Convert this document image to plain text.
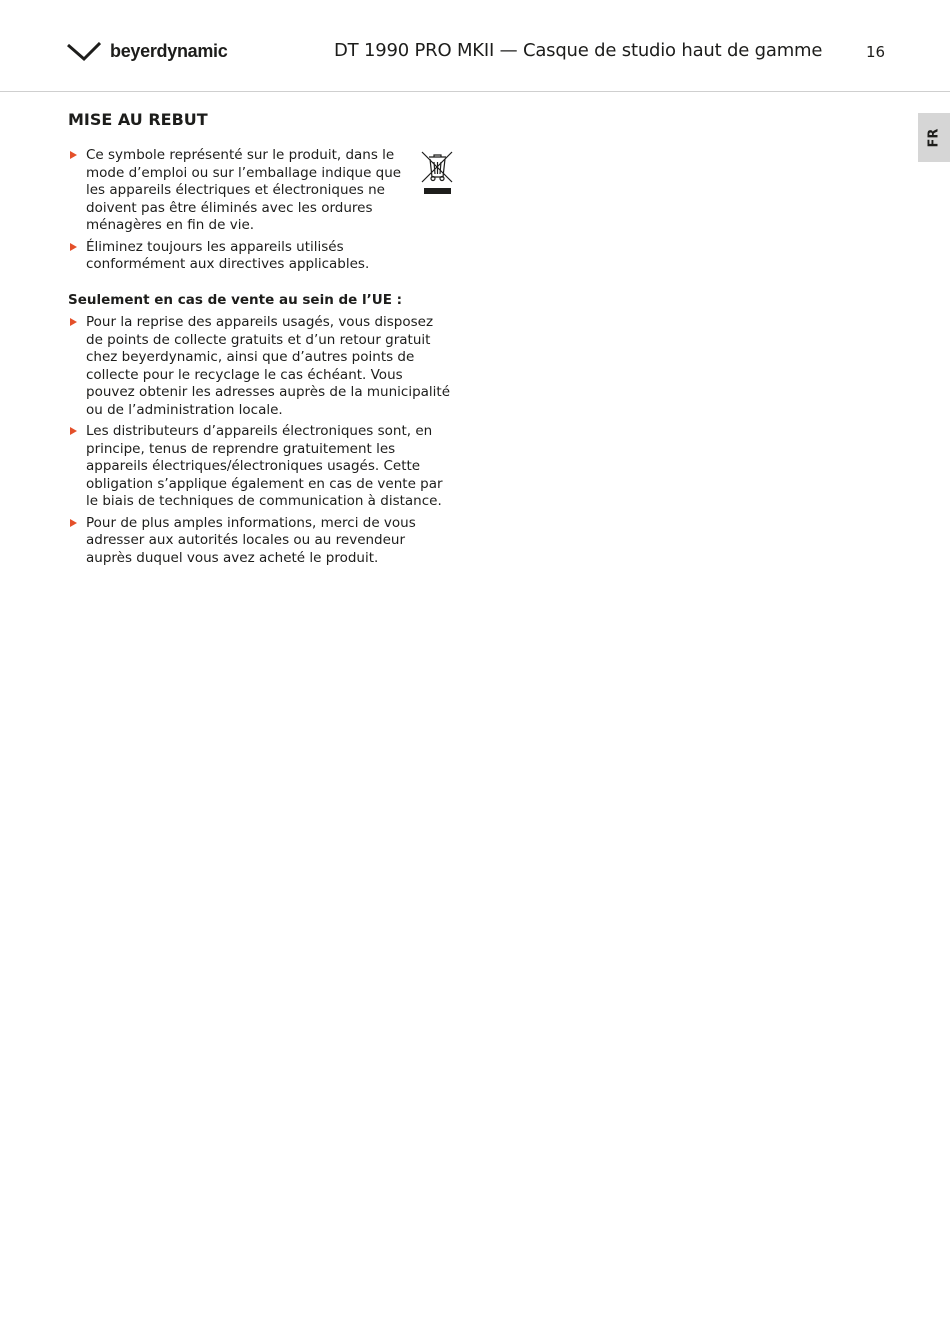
beyerdynamic	DT 1990 PRO MKII — Casque de studio haut de gamme	16
FR
MISE AU REBUT
Ce symbole représenté sur le produit, dans le mode d’emploi ou sur l’emballage indique que les appareils électriques et électroniques ne doivent pas être éliminés avec les ordures ménagères en fin de vie.
Éliminez toujours les appareils utilisés conformément aux directives applicables.
Seulement en cas de vente au sein de l’UE :
Pour la reprise des appareils usagés, vous disposez de points de collecte gratuits et d’un retour gratuit chez beyerdynamic, ainsi que d’autres points de collecte pour le recyclage le cas échéant. Vous pouvez obtenir les adresses auprès de la municipalité ou de l’administration locale.
Les distributeurs d’appareils électroniques sont, en principe, tenus de reprendre gratuitement les appareils électriques/électroniques usagés. Cette obligation s’applique également en cas de vente par le biais de techniques de communication à distance.
Pour de plus amples informations, merci de vous adresser aux autorités locales ou au revendeur auprès duquel vous avez acheté le produit.
